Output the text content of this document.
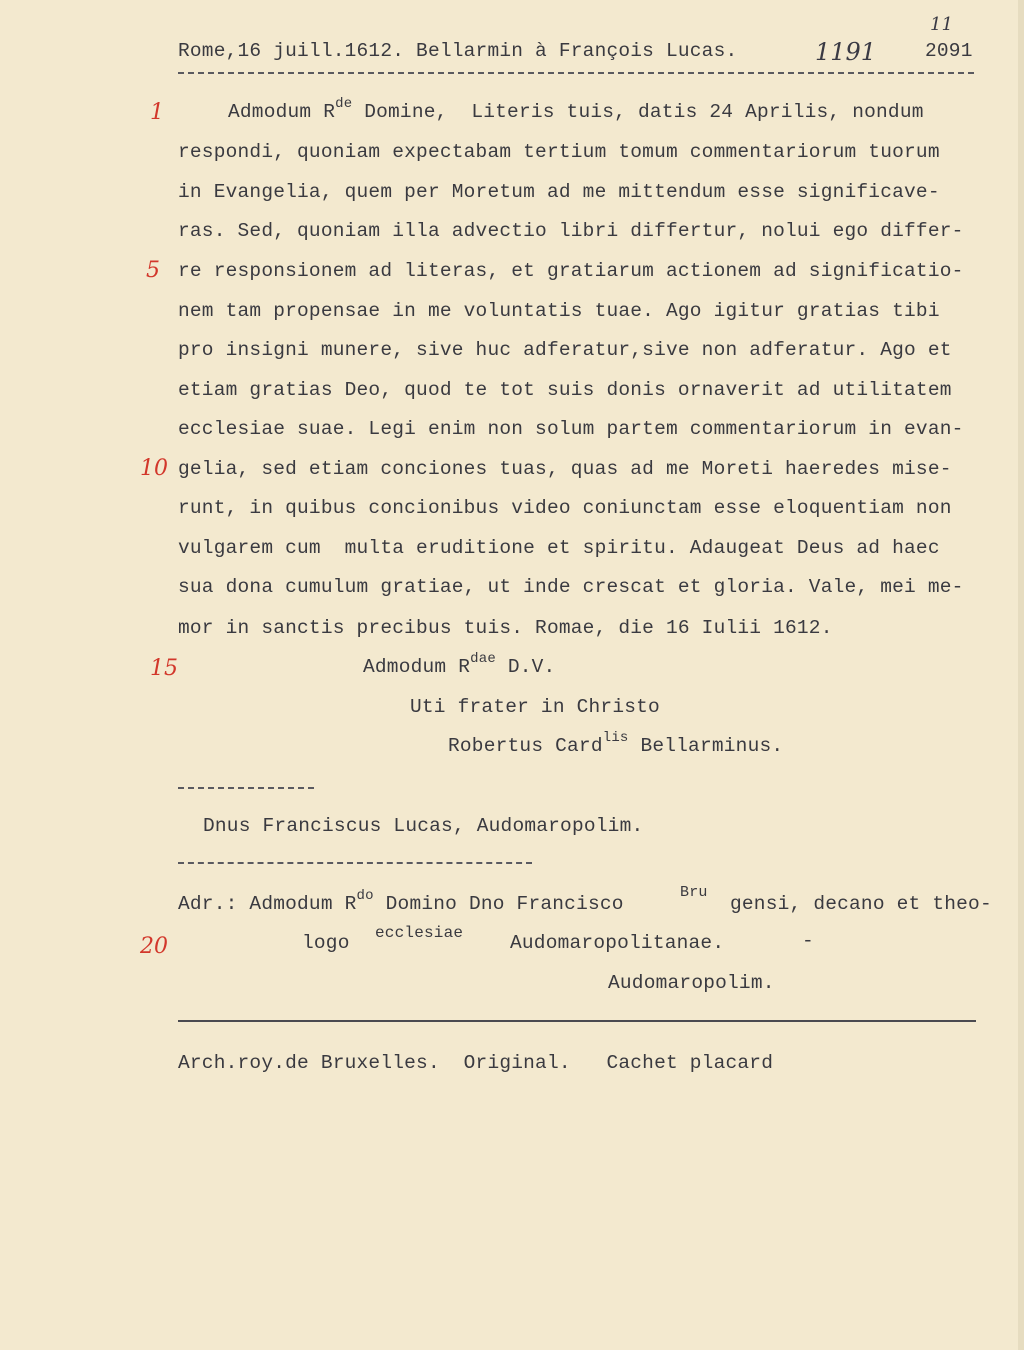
Rome,16 juill.1612. Bellarmin à François Lucas.	1191
11
2091
1
5
10
15
20
Admodum $R^{de}$ Domine,  Literis tuis, datis 24 Aprilis, nondum
respondi, quoniam expectabam tertium tomum commentariorum tuorum
in Evangelia, quem per Moretum ad me mittendum esse significave-
ras. Sed, quoniam illa advectio libri differtur, nolui ego differ-
re responsionem ad literas, et gratiarum actionem ad significatio-
nem tam propensae in me voluntatis tuae. Ago igitur gratias tibi
pro insigni munere, sive huc adferatur,sive non adferatur. Ago et
etiam gratias Deo, quod te tot suis donis ornaverit ad utilitatem
ecclesiae suae. Legi enim non solum partem commentariorum in evan-
gelia, sed etiam conciones tuas, quas ad me Moreti haeredes mise-
runt, in quibus concionibus video coniunctam esse eloquentiam non
vulgarem cum  multa eruditione et spiritu. Adaugeat Deus ad haec
sua dona cumulum gratiae, ut inde crescat et gloria. Vale, mei me-
mor in sanctis precibus tuis. Romae, die 16 Iulii 1612.
Admodum $R^{dae}$ D.V.
Uti frater in Christo
Robertus Card$^{lis}$ Bellarminus.
Dnus Franciscus Lucas, Audomaropolim.
Adr.: Admodum $R^{do}$ Domino Dno Francisco
Bru
gensi, decano et theo-
logo ecclesiae Audomaropolitanae.	-
Audomaropolim.
Arch.roy.de Bruxelles.  Original.   Cachet placard
